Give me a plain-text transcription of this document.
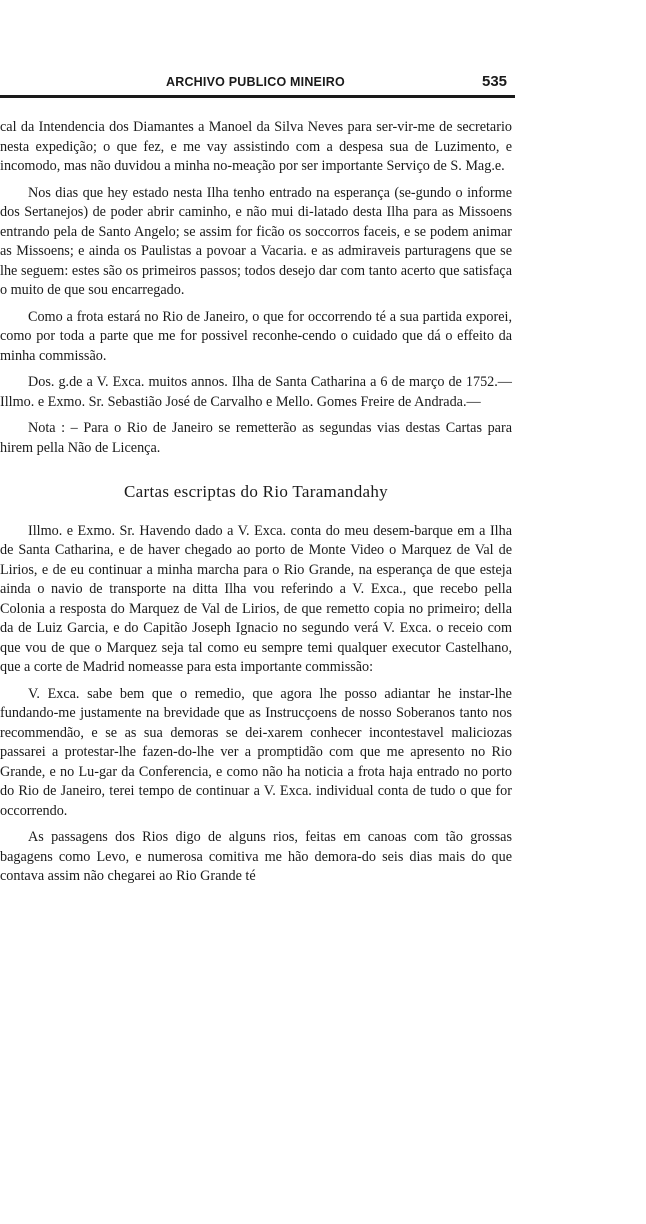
ARCHIVO PUBLICO MINEIRO	535

cal da Intendencia dos Diamantes a Manoel da Silva Neves para ser-vir-me de secretario nesta expedição; o que fez, e me vay assistindo com a despesa sua de Luzimento, e incomodo, mas não duvidou a minha no-meação por ser importante Serviço de S. Mag.e.

Nos dias que hey estado nesta Ilha tenho entrado na esperança (se-gundo o informe dos Sertanejos) de poder abrir caminho, e não mui di-latado desta Ilha para as Missoens entrando pela de Santo Angelo; se assim for ficão os soccorros faceis, e se podem animar as Missoens; e ainda os Paulistas a povoar a Vacaria. e as admiraveis parturagens que se lhe seguem: estes são os primeiros passos; todos desejo dar com tanto acerto que satisfaça o muito de que sou encarregado.

Como a frota estará no Rio de Janeiro, o que for occorrendo té a sua partida exporei, como por toda a parte que me for possivel reconhe-cendo o cuidado que dá o effeito da minha commissão.

Dos. g.de a V. Exca. muitos annos. Ilha de Santa Catharina a 6 de março de 1752.—Illmo. e Exmo. Sr. Sebastião José de Carvalho e Mello. Gomes Freire de Andrada.—

Nota : – Para o Rio de Janeiro se remetterão as segundas vias destas Cartas para hirem pella Não de Licença.

Cartas escriptas do Rio Taramandahy

Illmo. e Exmo. Sr. Havendo dado a V. Exca. conta do meu desem-barque em a Ilha de Santa Catharina, e de haver chegado ao porto de Monte Video o Marquez de Val de Lirios, e de eu continuar a minha marcha para o Rio Grande, na esperança de que esteja ainda o navio de transporte na ditta Ilha vou referindo a V. Exca., que recebo pella Colonia a resposta do Marquez de Val de Lirios, de que remetto copia no primeiro; della da de Luiz Garcia, e do Capitão Joseph Ignacio no segundo verá V. Exca. o receio com que vou de que o Marquez seja tal como eu sempre temi qualquer executor Castelhano, que a corte de Madrid nomeasse para esta importante commissão:

V. Exca. sabe bem que o remedio, que agora lhe posso adiantar he instar-lhe fundando-me justamente na brevidade que as Instrucçoens de nosso Soberanos tanto nos recommendão, e se as sua demoras se dei-xarem conhecer incontestavel maliciozas passarei a protestar-lhe fazen-do-lhe ver a promptidão com que me apresento no Rio Grande, e no Lu-gar da Conferencia, e como não ha noticia a frota haja entrado no porto do Rio de Janeiro, terei tempo de continuar a V. Exca. individual conta de tudo o que for occorrendo.

As passagens dos Rios digo de alguns rios, feitas em canoas com tão grossas bagagens como Levo, e numerosa comitiva me hão demora-do seis dias mais do que contava assim não chegarei ao Rio Grande té
